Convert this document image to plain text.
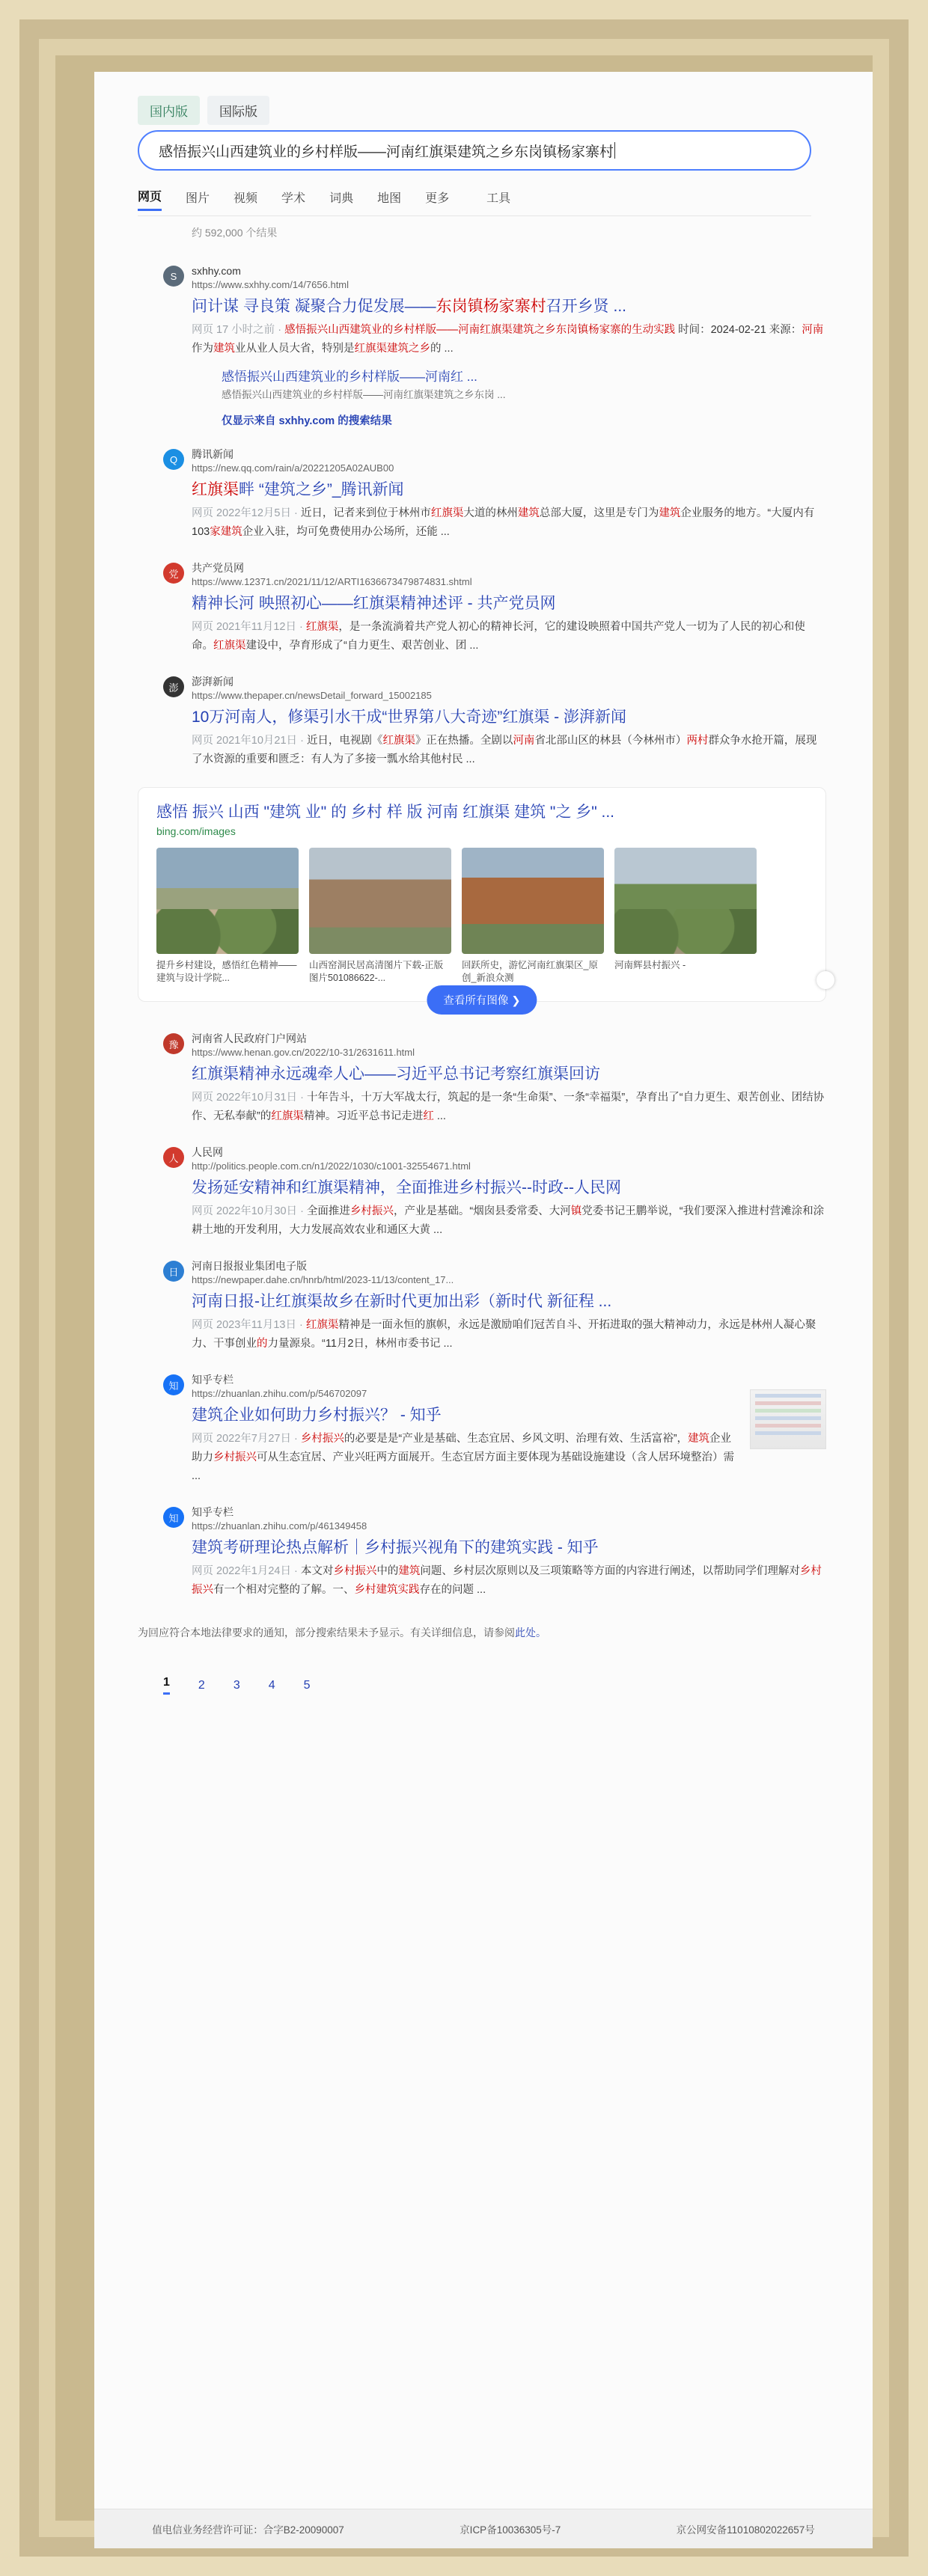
国内版	国际版
感悟振兴山西建筑业的乡村样版——河南红旗渠建筑之乡东岗镇杨家寨村
网页 图片 视频 学术 词典 地图 更多	工具
约 592,000 个结果
S	sxhhy.com
https://www.sxhhy.com/14/7656.html
问计谋 寻良策 凝聚合力促发展——东岗镇杨家寨村召开乡贤 ...
网页 17 小时之前 · 感悟振兴山西建筑业的乡村样版——河南红旗渠建筑之乡东岗镇杨家寨的生动实践 时间：2024-02-21 来源：河南作为建筑业从业人员大省，特别是红旗渠建筑之乡的 ...
感悟振兴山西建筑业的乡村样版——河南红 ...
感悟振兴山西建筑业的乡村样版——河南红旗渠建筑之乡东岗 ...
仅显示来自 sxhhy.com 的搜索结果
Q	腾讯新闻
https://new.qq.com/rain/a/20221205A02AUB00
红旗渠畔 “建筑之乡”_腾讯新闻
网页 2022年12月5日 · 近日，记者来到位于林州市红旗渠大道的林州建筑总部大厦，这里是专门为建筑企业服务的地方。“大厦内有103家建筑企业入驻，均可免费使用办公场所，还能 ...
党	共产党员网
https://www.12371.cn/2021/11/12/ARTI1636673479874831.shtml
精神长河 映照初心——红旗渠精神述评 - 共产党员网
网页 2021年11月12日 · 红旗渠，是一条流淌着共产党人初心的精神长河，它的建设映照着中国共产党人一切为了人民的初心和使命。红旗渠建设中，孕育形成了“自力更生、艰苦创业、团 ...
澎	澎湃新闻
https://www.thepaper.cn/newsDetail_forward_15002185
10万河南人，修渠引水干成“世界第八大奇迹”红旗渠 - 澎湃新闻
网页 2021年10月21日 · 近日，电视剧《红旗渠》正在热播。全剧以河南省北部山区的林县（今林州市）两村群众争水抢开篇，展现了水资源的重要和匮乏：有人为了多接一瓢水给其他村民 ...
感悟 振兴 山西 "建筑 业" 的 乡村 样 版 河南 红旗渠 建筑 "之 乡" ...
bing.com/images
提升乡村建设，感悟红色精神——建筑与设计学院...
山西窑洞民居高清图片下载-正版图片501086622-...
回跃所史，游忆河南红旗渠区_原创_新浪众测
河南辉县村振兴 -
查看所有图像 ❯
豫	河南省人民政府门户网站
https://www.henan.gov.cn/2022/10-31/2631611.html
红旗渠精神永远魂牵人心——习近平总书记考察红旗渠回访
网页 2022年10月31日 · 十年告斗，十万大军战太行，筑起的是一条“生命渠”、一条“幸福渠”，孕育出了“自力更生、艰苦创业、团结协作、无私奉献”的红旗渠精神。习近平总书记走进红 ...
人	人民网
http://politics.people.com.cn/n1/2022/1030/c1001-32554671.html
发扬延安精神和红旗渠精神，全面推进乡村振兴--时政--人民网
网页 2022年10月30日 · 全面推进乡村振兴，产业是基础。“烟囱县委常委、大河镇党委书记王鹏举说，“我们要深入推进村营滩涂和涂耕土地的开发利用，大力发展高效农业和通区大黄 ...
日	河南日报报业集团电子版
https://newpaper.dahe.cn/hnrb/html/2023-11/13/content_17...
河南日报-让红旗渠故乡在新时代更加出彩（新时代 新征程 ...
网页 2023年11月13日 · 红旗渠精神是一面永恒的旗帜，永远是激励咱们冠苦自斗、开拓进取的强大精神动力，永远是林州人凝心聚力、干事创业的力量源泉。“11月2日，林州市委书记 ...
知	知乎专栏
https://zhuanlan.zhihu.com/p/546702097
建筑企业如何助力乡村振兴？ - 知乎
网页 2022年7月27日 · 乡村振兴的必要是是“产业是基础、生态宜居、乡风文明、治理有效、生活富裕”，建筑企业助力乡村振兴可从生态宜居、产业兴旺两方面展开。生态宜居方面主要体现为基础设施建设（含人居环境整治）需 ...
知	知乎专栏
https://zhuanlan.zhihu.com/p/461349458
建筑考研理论热点解析｜乡村振兴视角下的建筑实践 - 知乎
网页 2022年1月24日 · 本文对乡村振兴中的建筑问题、乡村层次原则以及三项策略等方面的内容进行阐述，以帮助同学们理解对乡村振兴有一个相对完整的了解。一、乡村建筑实践存在的问题 ...
为回应符合本地法律要求的通知，部分搜索结果未予显示。有关详细信息，请参阅此处。
1 2 3 4 5
值电信业务经营许可证：合字B2-20090007	京ICP备10036305号-7	京公网安备11010802022657号
